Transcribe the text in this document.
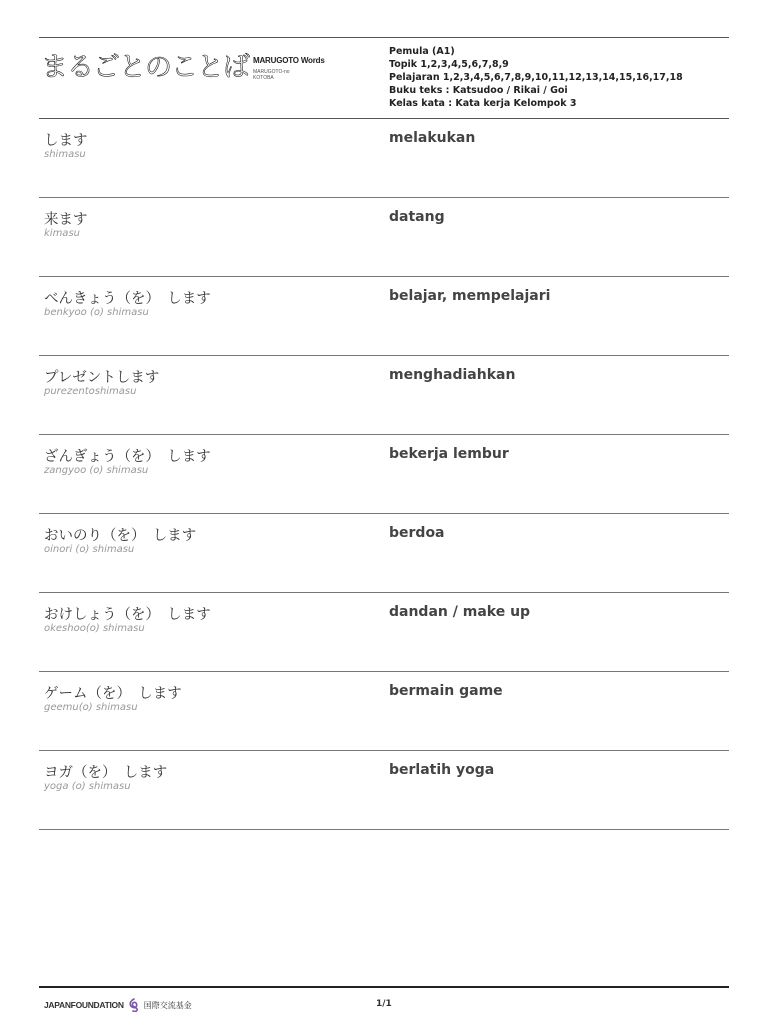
まるごとのことば MARUGOTO Words
MARUGOTO-no
KOTOBA
Pemula (A1)
Topik 1,2,3,4,5,6,7,8,9
Pelajaran 1,2,3,4,5,6,7,8,9,10,11,12,13,14,15,16,17,18
Buku teks : Katsudoo / Rikai / Goi
Kelas kata : Kata kerja Kelompok 3
します
shimasu
melakukan
来ます
kimasu
datang
べんきょう（を）　します
benkyoo (o) shimasu
belajar, mempelajari
プレゼントします
purezentoshimasu
menghadiahkan
ざんぎょう（を）　します
zangyoo (o) shimasu
bekerja lembur
おいのり（を）　します
oinori (o) shimasu
berdoa
おけしょう（を）　します
okeshoo(o) shimasu
dandan / make up
ゲーム（を）　します
geemu(o) shimasu
bermain game
ヨガ（を）　します
yoga (o) shimasu
berlatih yoga
JAPANFOUNDATION	国際交流基金	1/1
